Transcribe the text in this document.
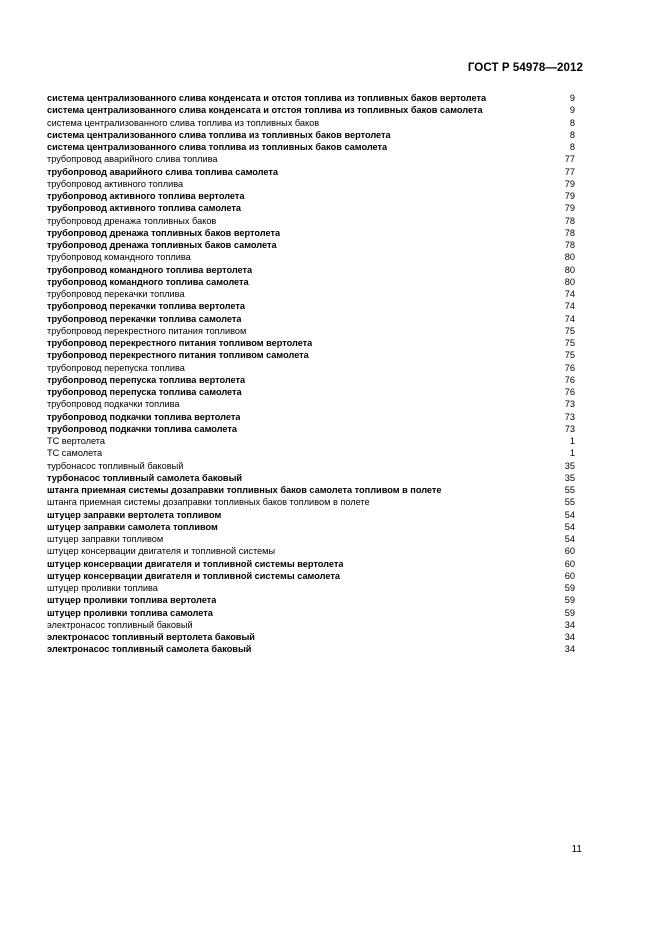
ГОСТ Р 54978—2012
система централизованного слива конденсата и отстоя топлива из топливных баков вертолета	9
система централизованного слива конденсата и отстоя топлива из топливных баков самолета	9
система централизованного слива топлива из топливных баков	8
система централизованного слива топлива из топливных баков вертолета	8
система централизованного слива топлива из топливных баков самолета	8
трубопровод аварийного слива топлива	77
трубопровод аварийного слива топлива самолета	77
трубопровод активного топлива	79
трубопровод активного топлива вертолета	79
трубопровод активного топлива самолета	79
трубопровод дренажа топливных баков	78
трубопровод дренажа топливных баков вертолета	78
трубопровод дренажа топливных баков самолета	78
трубопровод командного топлива	80
трубопровод командного топлива вертолета	80
трубопровод командного топлива самолета	80
трубопровод перекачки топлива	74
трубопровод перекачки топлива вертолета	74
трубопровод перекачки топлива самолета	74
трубопровод перекрестного питания топливом	75
трубопровод перекрестного питания топливом вертолета	75
трубопровод перекрестного питания топливом самолета	75
трубопровод перепуска топлива	76
трубопровод перепуска топлива вертолета	76
трубопровод перепуска топлива самолета	76
трубопровод подкачки топлива	73
трубопровод подкачки топлива вертолета	73
трубопровод подкачки топлива самолета	73
ТС вертолета	1
ТС самолета	1
турбонасос топливный баковый	35
турбонасос топливный самолета баковый	35
штанга приемная системы дозаправки топливных баков самолета топливом в полете	55
штанга приемная системы дозаправки топливных баков топливом в полете	55
штуцер заправки вертолета топливом	54
штуцер заправки самолета топливом	54
штуцер заправки топливом	54
штуцер консервации двигателя и топливной системы	60
штуцер консервации двигателя и топливной системы вертолета	60
штуцер консервации двигателя и топливной системы самолета	60
штуцер проливки топлива	59
штуцер проливки топлива вертолета	59
штуцер проливки топлива самолета	59
электронасос топливный баковый	34
электронасос топливный вертолета баковый	34
электронасос топливный самолета баковый	34
11
